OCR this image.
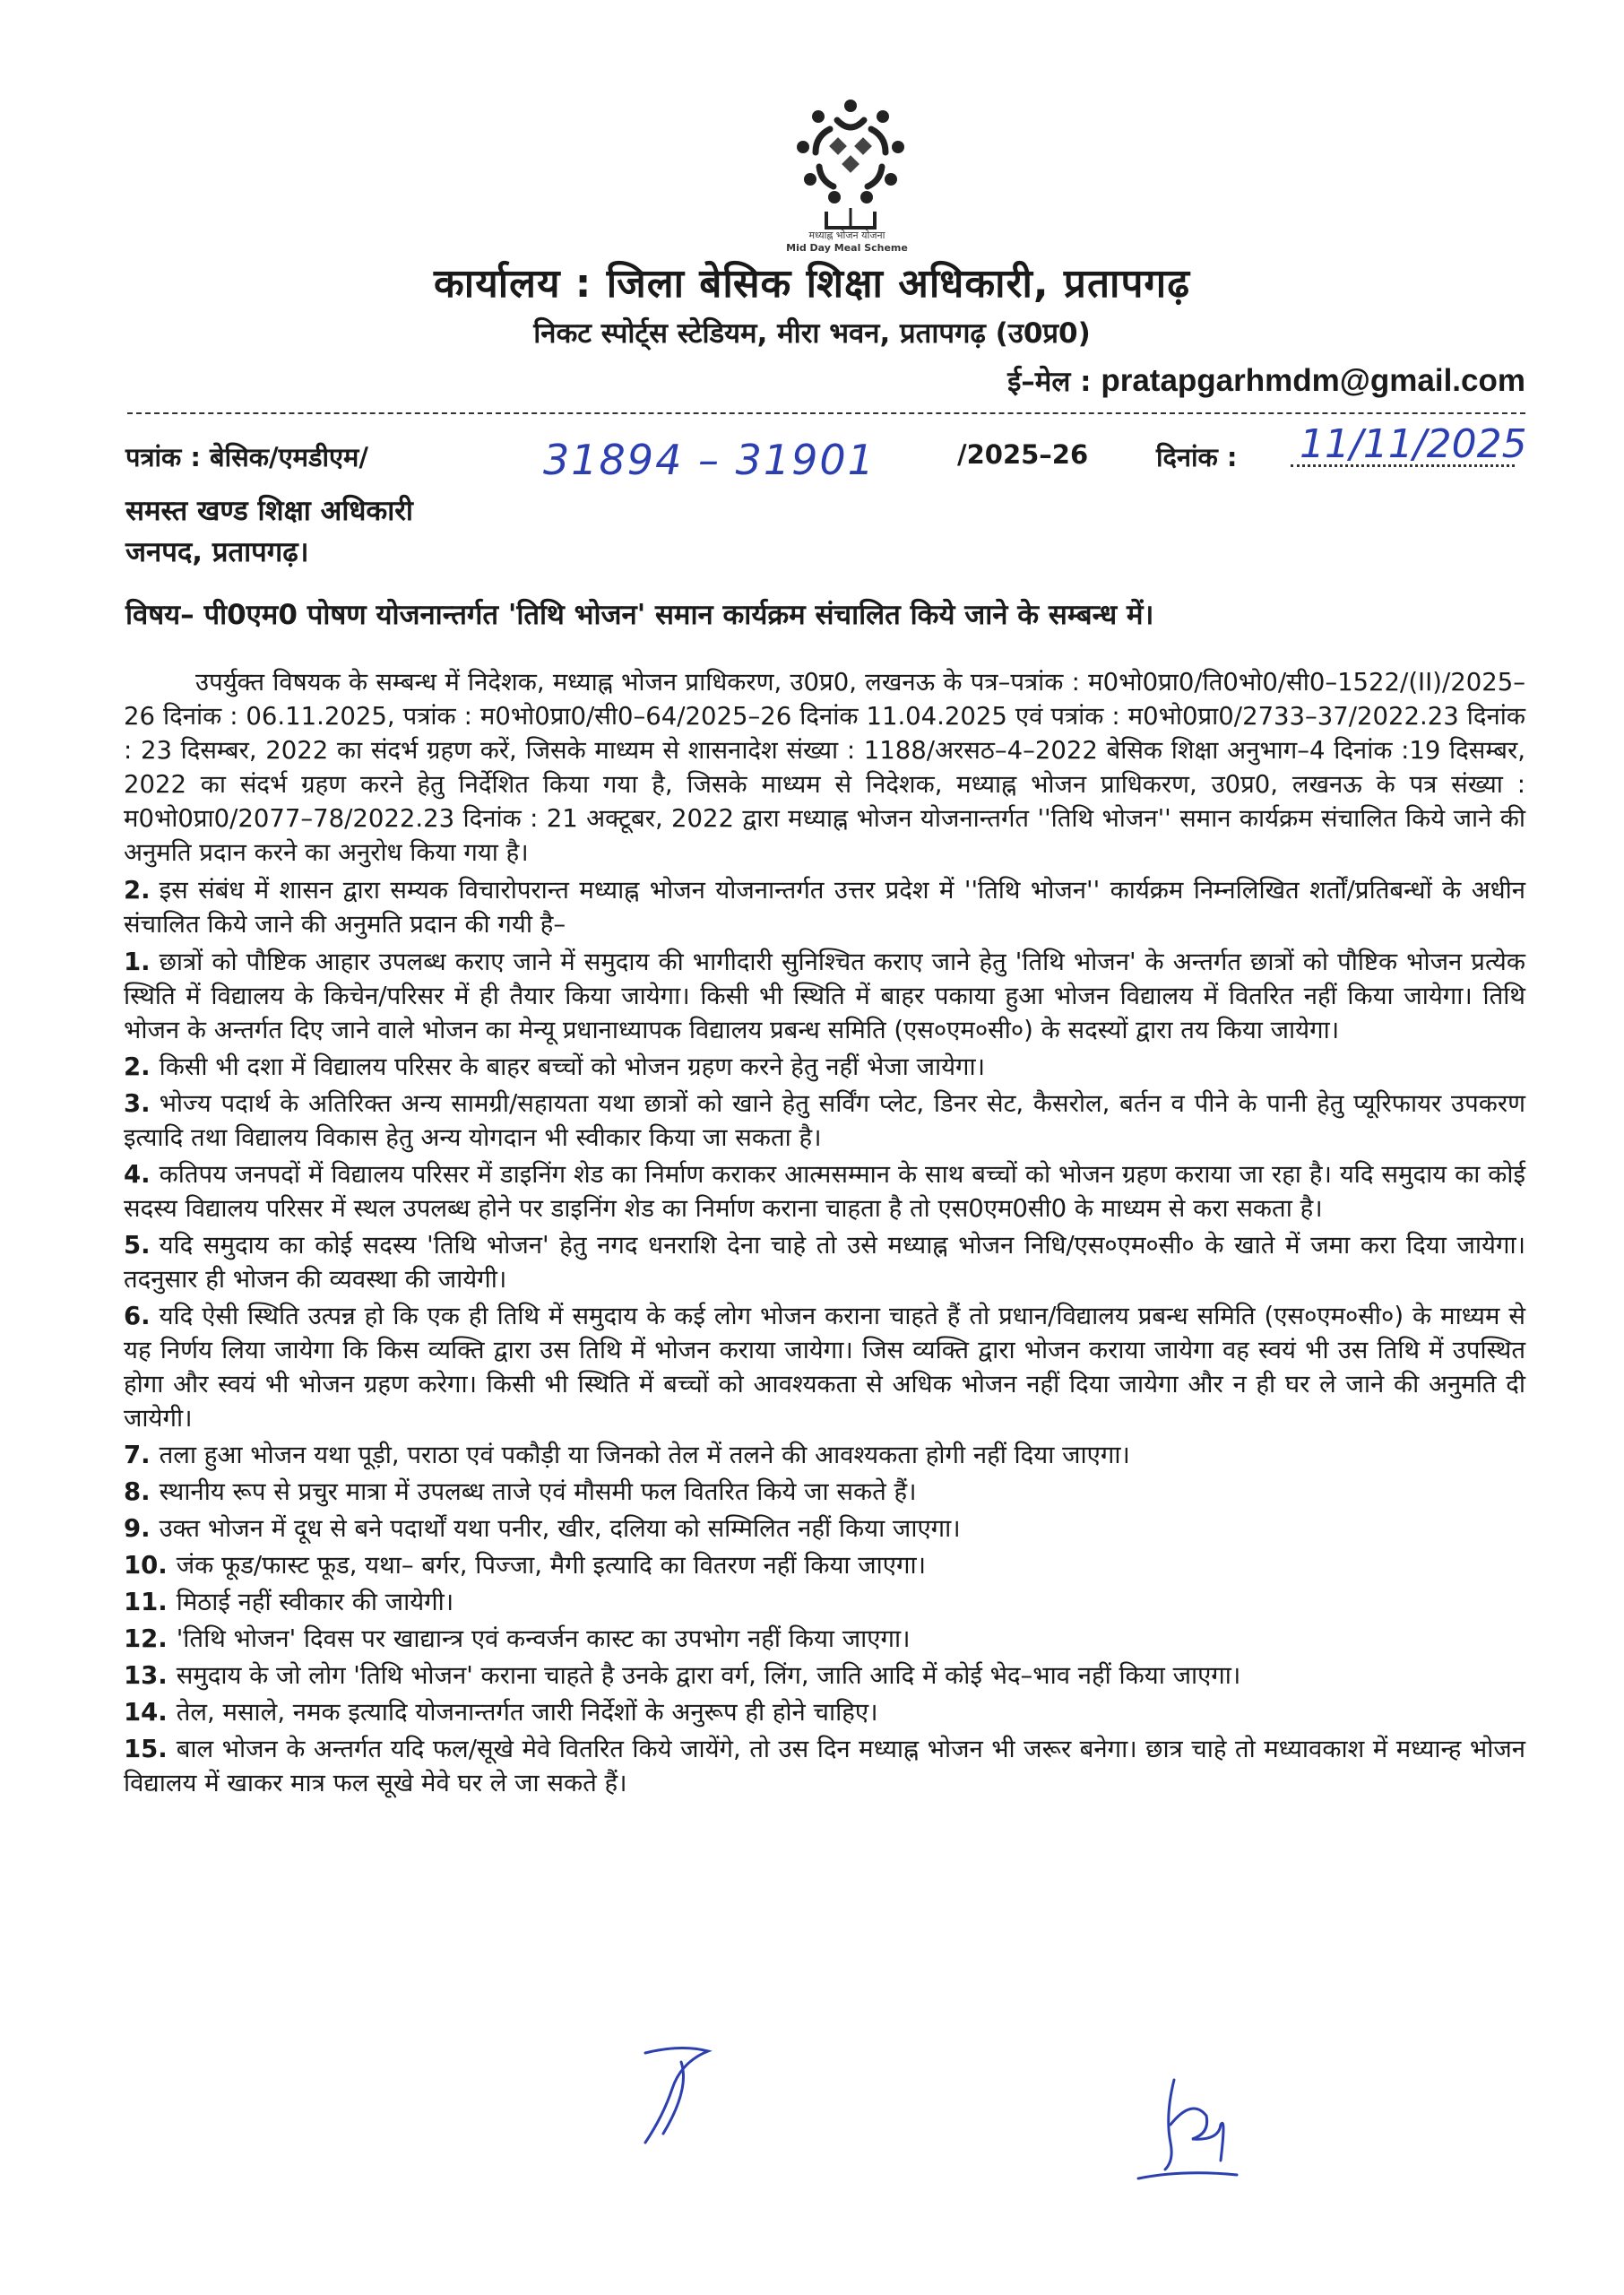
मध्याह्न भोजन योजना
Mid Day Meal Scheme
कार्यालय : जिला बेसिक शिक्षा अधिकारी, प्रतापगढ़
निकट स्पोर्ट्स स्टेडियम, मीरा भवन, प्रतापगढ़ (उ0प्र0)
ई–मेल : pratapgarhmdm@gmail.com
पत्रांक : बेसिक/एमडीएम/	31894 – 31901	/2025–26	दिनांक : 11/11/2025
समस्त खण्ड शिक्षा अधिकारी
जनपद, प्रतापगढ़।
विषय– पी0एम0 पोषण योजनान्तर्गत 'तिथि भोजन' समान कार्यक्रम संचालित किये जाने के सम्बन्ध में।

उपर्युक्त विषयक के सम्बन्ध में निदेशक, मध्याह्न भोजन प्राधिकरण, उ0प्र0, लखनऊ के पत्र–पत्रांक : म0भो0प्रा0/ति0भो0/सी0–1522/(II)/2025–26 दिनांक : 06.11.2025, पत्रांक : म0भो0प्रा0/सी0–64/2025–26 दिनांक 11.04.2025 एवं पत्रांक : म0भो0प्रा0/2733–37/2022.23 दिनांक : 23 दिसम्बर, 2022 का संदर्भ ग्रहण करें, जिसके माध्यम से शासनादेश संख्या : 1188/अरसठ–4–2022 बेसिक शिक्षा अनुभाग–4 दिनांक :19 दिसम्बर, 2022 का संदर्भ ग्रहण करने हेतु निर्देशित किया गया है, जिसके माध्यम से निदेशक, मध्याह्न भोजन प्राधिकरण, उ0प्र0, लखनऊ के पत्र संख्या : म0भो0प्रा0/2077–78/2022.23 दिनांक : 21 अक्टूबर, 2022 द्वारा मध्याह्न भोजन योजनान्तर्गत ''तिथि भोजन'' समान कार्यक्रम संचालित किये जाने की अनुमति प्रदान करने का अनुरोध किया गया है।

2. इस संबंध में शासन द्वारा सम्यक विचारोपरान्त मध्याह्न भोजन योजनान्तर्गत उत्तर प्रदेश में ''तिथि भोजन'' कार्यक्रम निम्नलिखित शर्तों/प्रतिबन्धों के अधीन संचालित किये जाने की अनुमति प्रदान की गयी है–

1. छात्रों को पौष्टिक आहार उपलब्ध कराए जाने में समुदाय की भागीदारी सुनिश्चित कराए जाने हेतु 'तिथि भोजन' के अन्तर्गत छात्रों को पौष्टिक भोजन प्रत्येक स्थिति में विद्यालय के किचेन/परिसर में ही तैयार किया जायेगा। किसी भी स्थिति में बाहर पकाया हुआ भोजन विद्यालय में वितरित नहीं किया जायेगा। तिथि भोजन के अन्तर्गत दिए जाने वाले भोजन का मेन्यू प्रधानाध्यापक विद्यालय प्रबन्ध समिति (एस०एम०सी०) के सदस्यों द्वारा तय किया जायेगा।

2. किसी भी दशा में विद्यालय परिसर के बाहर बच्चों को भोजन ग्रहण करने हेतु नहीं भेजा जायेगा।

3. भोज्य पदार्थ के अतिरिक्त अन्य सामग्री/सहायता यथा छात्रों को खाने हेतु सर्विंग प्लेट, डिनर सेट, कैसरोल, बर्तन व पीने के पानी हेतु प्यूरिफायर उपकरण इत्यादि तथा विद्यालय विकास हेतु अन्य योगदान भी स्वीकार किया जा सकता है।

4. कतिपय जनपदों में विद्यालय परिसर में डाइनिंग शेड का निर्माण कराकर आत्मसम्मान के साथ बच्चों को भोजन ग्रहण कराया जा रहा है। यदि समुदाय का कोई सदस्य विद्यालय परिसर में स्थल उपलब्ध होने पर डाइनिंग शेड का निर्माण कराना चाहता है तो एस0एम0सी0 के माध्यम से करा सकता है।

5. यदि समुदाय का कोई सदस्य 'तिथि भोजन' हेतु नगद धनराशि देना चाहे तो उसे मध्याह्न भोजन निधि/एस०एम०सी० के खाते में जमा करा दिया जायेगा। तदनुसार ही भोजन की व्यवस्था की जायेगी।

6. यदि ऐसी स्थिति उत्पन्न हो कि एक ही तिथि में समुदाय के कई लोग भोजन कराना चाहते हैं तो प्रधान/विद्यालय प्रबन्ध समिति (एस०एम०सी०) के माध्यम से यह निर्णय लिया जायेगा कि किस व्यक्ति द्वारा उस तिथि में भोजन कराया जायेगा। जिस व्यक्ति द्वारा भोजन कराया जायेगा वह स्वयं भी उस तिथि में उपस्थित होगा और स्वयं भी भोजन ग्रहण करेगा। किसी भी स्थिति में बच्चों को आवश्यकता से अधिक भोजन नहीं दिया जायेगा और न ही घर ले जाने की अनुमति दी जायेगी।

7. तला हुआ भोजन यथा पूड़ी, पराठा एवं पकौड़ी या जिनको तेल में तलने की आवश्यकता होगी नहीं दिया जाएगा।

8. स्थानीय रूप से प्रचुर मात्रा में उपलब्ध ताजे एवं मौसमी फल वितरित किये जा सकते हैं।

9. उक्त भोजन में दूध से बने पदार्थों यथा पनीर, खीर, दलिया को सम्मिलित नहीं किया जाएगा।

10. जंक फूड/फास्ट फूड, यथा– बर्गर, पिज्जा, मैगी इत्यादि का वितरण नहीं किया जाएगा।

11. मिठाई नहीं स्वीकार की जायेगी।

12. 'तिथि भोजन' दिवस पर खाद्यान्त्र एवं कन्वर्जन कास्ट का उपभोग नहीं किया जाएगा।

13. समुदाय के जो लोग 'तिथि भोजन' कराना चाहते है उनके द्वारा वर्ग, लिंग, जाति आदि में कोई भेद–भाव नहीं किया जाएगा।

14. तेल, मसाले, नमक इत्यादि योजनान्तर्गत जारी निर्देशों के अनुरूप ही होने चाहिए।

15. बाल भोजन के अन्तर्गत यदि फल/सूखे मेवे वितरित किये जायेंगे, तो उस दिन मध्याह्न भोजन भी जरूर बनेगा। छात्र चाहे तो मध्यावकाश में मध्यान्ह भोजन विद्यालय में खाकर मात्र फल सूखे मेवे घर ले जा सकते हैं।
